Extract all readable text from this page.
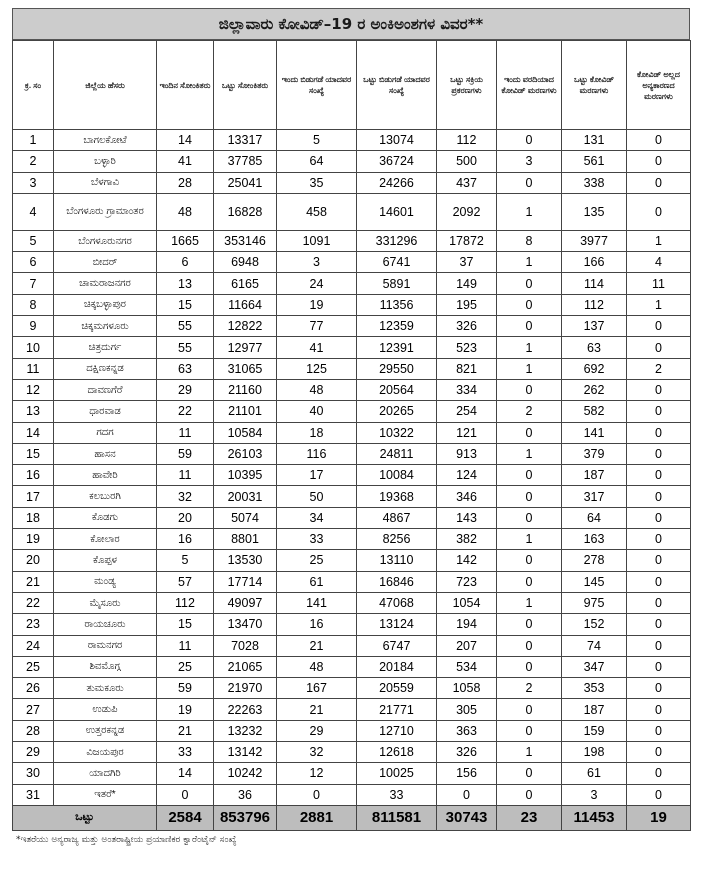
ಜಿಲ್ಲಾವಾರು ಕೋವಿಡ್–19 ರ ಅಂಕಿಅಂಶಗಳ ವಿವರ**
ಕ್ರ. ಸಂ	ಜಿಲ್ಲೆಯ ಹೆಸರು	ಇಂದಿನ ಸೋಂಕಿತರು	ಒಟ್ಟು ಸೋಂಕಿತರು	ಇಂದು ಬಿಡುಗಡೆ ಯಾದವರ ಸಂಖ್ಯೆ	ಒಟ್ಟು ಬಿಡುಗಡೆ ಯಾದವರ ಸಂಖ್ಯೆ	ಒಟ್ಟು ಸಕ್ರಿಯ ಪ್ರಕರಣಗಳು	ಇಂದು ವರದಿಯಾದ ಕೋವಿಡ್ ಮರಣಗಳು	ಒಟ್ಟು ಕೋವಿಡ್ ಮರಣಗಳು	ಕೋವಿಡ್ ಅಲ್ಲದ ಅನ್ಯಕಾರಣದ ಮರಣಗಳು
1	ಬಾಗಲಕೋಟೆ	14	13317	5	13074	112	0	131	0
2	ಬಳ್ಳಾರಿ	41	37785	64	36724	500	3	561	0
3	ಬೆಳಗಾವಿ	28	25041	35	24266	437	0	338	0
4	ಬೆಂಗಳೂರು ಗ್ರಾಮಾಂತರ	48	16828	458	14601	2092	1	135	0
5	ಬೆಂಗಳೂರುನಗರ	1665	353146	1091	331296	17872	8	3977	1
6	ಬೀದರ್	6	6948	3	6741	37	1	166	4
7	ಚಾಮರಾಜನಗರ	13	6165	24	5891	149	0	114	11
8	ಚಿಕ್ಕಬಳ್ಳಾಪುರ	15	11664	19	11356	195	0	112	1
9	ಚಿಕ್ಕಮಗಳೂರು	55	12822	77	12359	326	0	137	0
10	ಚಿತ್ರದುರ್ಗ	55	12977	41	12391	523	1	63	0
11	ದಕ್ಷಿಣಕನ್ನಡ	63	31065	125	29550	821	1	692	2
12	ದಾವಣಗೆರೆ	29	21160	48	20564	334	0	262	0
13	ಧಾರವಾಡ	22	21101	40	20265	254	2	582	0
14	ಗದಗ	11	10584	18	10322	121	0	141	0
15	ಹಾಸನ	59	26103	116	24811	913	1	379	0
16	ಹಾವೇರಿ	11	10395	17	10084	124	0	187	0
17	ಕಲಬುರಗಿ	32	20031	50	19368	346	0	317	0
18	ಕೊಡಗು	20	5074	34	4867	143	0	64	0
19	ಕೋಲಾರ	16	8801	33	8256	382	1	163	0
20	ಕೊಪ್ಪಳ	5	13530	25	13110	142	0	278	0
21	ಮಂಡ್ಯ	57	17714	61	16846	723	0	145	0
22	ಮೈಸೂರು	112	49097	141	47068	1054	1	975	0
23	ರಾಯಚೂರು	15	13470	16	13124	194	0	152	0
24	ರಾಮನಗರ	11	7028	21	6747	207	0	74	0
25	ಶಿವಮೊಗ್ಗ	25	21065	48	20184	534	0	347	0
26	ತುಮಕೂರು	59	21970	167	20559	1058	2	353	0
27	ಉಡುಪಿ	19	22263	21	21771	305	0	187	0
28	ಉತ್ತರಕನ್ನಡ	21	13232	29	12710	363	0	159	0
29	ವಿಜಯಪುರ	33	13142	32	12618	326	1	198	0
30	ಯಾದಗಿರಿ	14	10242	12	10025	156	0	61	0
31	ಇತರೆ*	0	36	0	33	0	0	3	0
ಒಟ್ಟು		2584	853796	2881	811581	30743	23	11453	19
*ಇತರೆಯು ಅನ್ಯರಾಜ್ಯ ಮತ್ತು ಅಂತರಾಷ್ಟ್ರೀಯ ಪ್ರಯಾಣಿಕರ ಕ್ವಾರೆಂಟೈನ್ ಸಂಖ್ಯೆ
